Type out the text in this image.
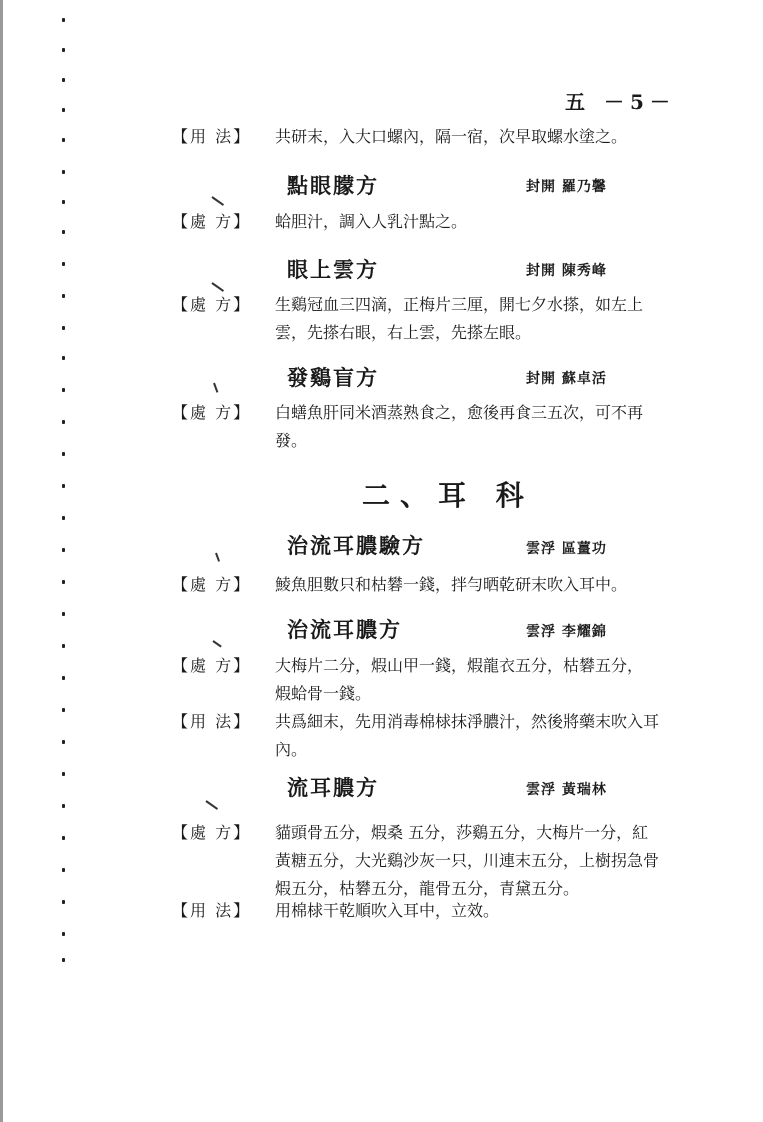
五 －5－
【用 法】 共研末，入大口螺內，隔一宿，次早取螺水塗之。
點眼朦方	封開 羅乃馨
【處 方】 蛤胆汁，調入人乳汁點之。
眼上雲方	封開 陳秀峰
【處 方】 生鷄冠血三四滴，正梅片三厘，開七夕水搽，如左上
雲，先搽右眼，右上雲，先搽左眼。
發鷄盲方	封開 蘇卓活
【處 方】 白蟮魚肝同米酒蒸熟食之，愈後再食三五次，可不再
發。
二、耳 科
治流耳膿驗方	雲浮 區薑功
【處 方】 鯪魚胆數只和枯礬一錢，拌勻晒乾研末吹入耳中。
治流耳膿方	雲浮 李耀錦
【處 方】 大梅片二分，煆山甲一錢，煆龍衣五分，枯礬五分，
煆蛤骨一錢。
【用 法】 共爲細末，先用消毒棉梂抹淨膿汁，然後將藥末吹入耳
內。
流耳膿方	雲浮 黃瑞林
【處 方】 貓頭骨五分，煆桑 五分，莎鷄五分，大梅片一分，紅
黃糖五分，大光鷄沙灰一只，川連末五分，上樹拐急骨
煆五分，枯礬五分，龍骨五分，青黛五分。
【用 法】 用棉梂干乾順吹入耳中，立效。
